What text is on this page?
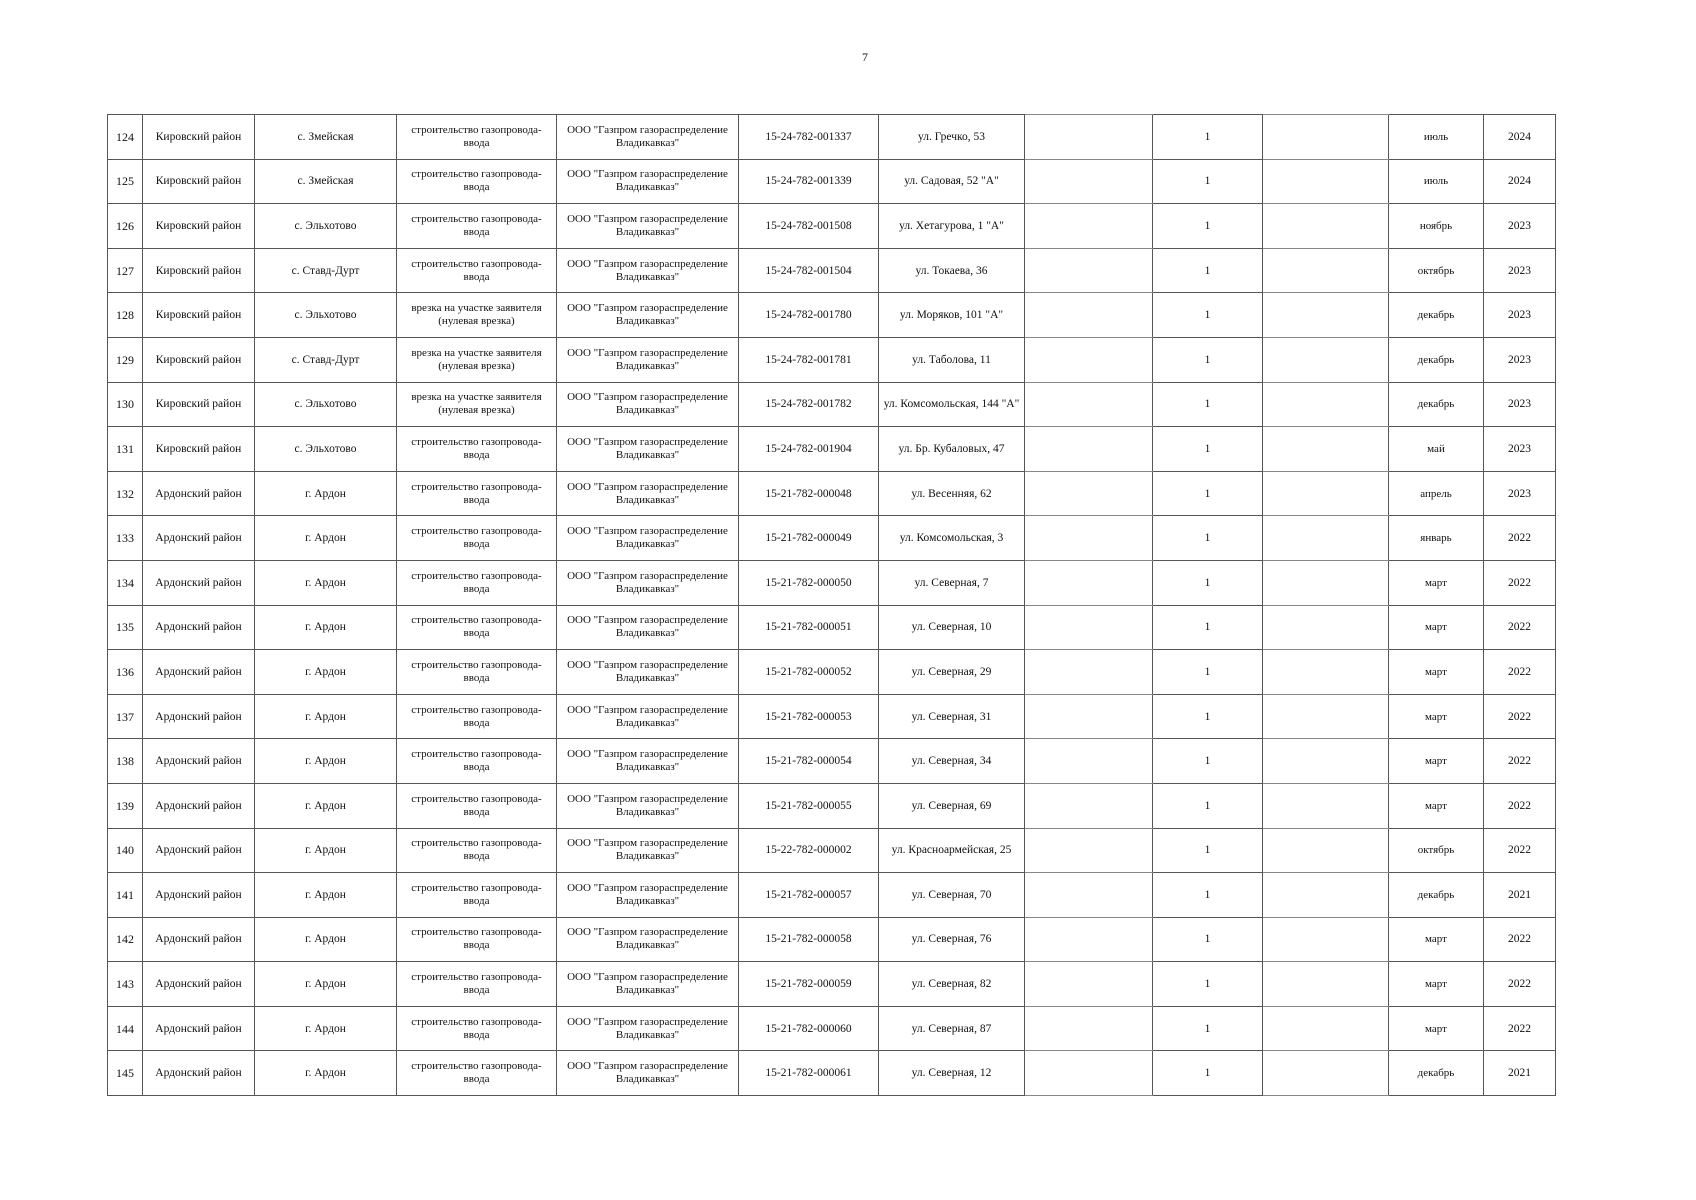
7
124	Кировский район	с. Змейская	строительство газопровода-ввода	ООО "Газпром газораспределение Владикавказ"	15-24-782-001337	ул. Гречко, 53		1		июль	2024
125	Кировский район	с. Змейская	строительство газопровода-ввода	ООО "Газпром газораспределение Владикавказ"	15-24-782-001339	ул. Садовая, 52 "А"		1		июль	2024
126	Кировский район	с. Эльхотово	строительство газопровода-ввода	ООО "Газпром газораспределение Владикавказ"	15-24-782-001508	ул. Хетагурова, 1 "А"		1		ноябрь	2023
127	Кировский район	с. Ставд-Дурт	строительство газопровода-ввода	ООО "Газпром газораспределение Владикавказ"	15-24-782-001504	ул. Токаева, 36		1		октябрь	2023
128	Кировский район	с. Эльхотово	врезка на участке заявителя (нулевая врезка)	ООО "Газпром газораспределение Владикавказ"	15-24-782-001780	ул. Моряков, 101 "А"		1		декабрь	2023
129	Кировский район	с. Ставд-Дурт	врезка на участке заявителя (нулевая врезка)	ООО "Газпром газораспределение Владикавказ"	15-24-782-001781	ул. Таболова, 11		1		декабрь	2023
130	Кировский район	с. Эльхотово	врезка на участке заявителя (нулевая врезка)	ООО "Газпром газораспределение Владикавказ"	15-24-782-001782	ул. Комсомольская, 144 "А"		1		декабрь	2023
131	Кировский район	с. Эльхотово	строительство газопровода-ввода	ООО "Газпром газораспределение Владикавказ"	15-24-782-001904	ул. Бр. Кубаловых, 47		1		май	2023
132	Ардонский район	г. Ардон	строительство газопровода-ввода	ООО "Газпром газораспределение Владикавказ"	15-21-782-000048	ул. Весенняя, 62		1		апрель	2023
133	Ардонский район	г. Ардон	строительство газопровода-ввода	ООО "Газпром газораспределение Владикавказ"	15-21-782-000049	ул. Комсомольская, 3		1		январь	2022
134	Ардонский район	г. Ардон	строительство газопровода-ввода	ООО "Газпром газораспределение Владикавказ"	15-21-782-000050	ул. Северная, 7		1		март	2022
135	Ардонский район	г. Ардон	строительство газопровода-ввода	ООО "Газпром газораспределение Владикавказ"	15-21-782-000051	ул. Северная, 10		1		март	2022
136	Ардонский район	г. Ардон	строительство газопровода-ввода	ООО "Газпром газораспределение Владикавказ"	15-21-782-000052	ул. Северная, 29		1		март	2022
137	Ардонский район	г. Ардон	строительство газопровода-ввода	ООО "Газпром газораспределение Владикавказ"	15-21-782-000053	ул. Северная, 31		1		март	2022
138	Ардонский район	г. Ардон	строительство газопровода-ввода	ООО "Газпром газораспределение Владикавказ"	15-21-782-000054	ул. Северная, 34		1		март	2022
139	Ардонский район	г. Ардон	строительство газопровода-ввода	ООО "Газпром газораспределение Владикавказ"	15-21-782-000055	ул. Северная, 69		1		март	2022
140	Ардонский район	г. Ардон	строительство газопровода-ввода	ООО "Газпром газораспределение Владикавказ"	15-22-782-000002	ул. Красноармейская, 25		1		октябрь	2022
141	Ардонский район	г. Ардон	строительство газопровода-ввода	ООО "Газпром газораспределение Владикавказ"	15-21-782-000057	ул. Северная, 70		1		декабрь	2021
142	Ардонский район	г. Ардон	строительство газопровода-ввода	ООО "Газпром газораспределение Владикавказ"	15-21-782-000058	ул. Северная, 76		1		март	2022
143	Ардонский район	г. Ардон	строительство газопровода-ввода	ООО "Газпром газораспределение Владикавказ"	15-21-782-000059	ул. Северная, 82		1		март	2022
144	Ардонский район	г. Ардон	строительство газопровода-ввода	ООО "Газпром газораспределение Владикавказ"	15-21-782-000060	ул. Северная, 87		1		март	2022
145	Ардонский район	г. Ардон	строительство газопровода-ввода	ООО "Газпром газораспределение Владикавказ"	15-21-782-000061	ул. Северная, 12		1		декабрь	2021
